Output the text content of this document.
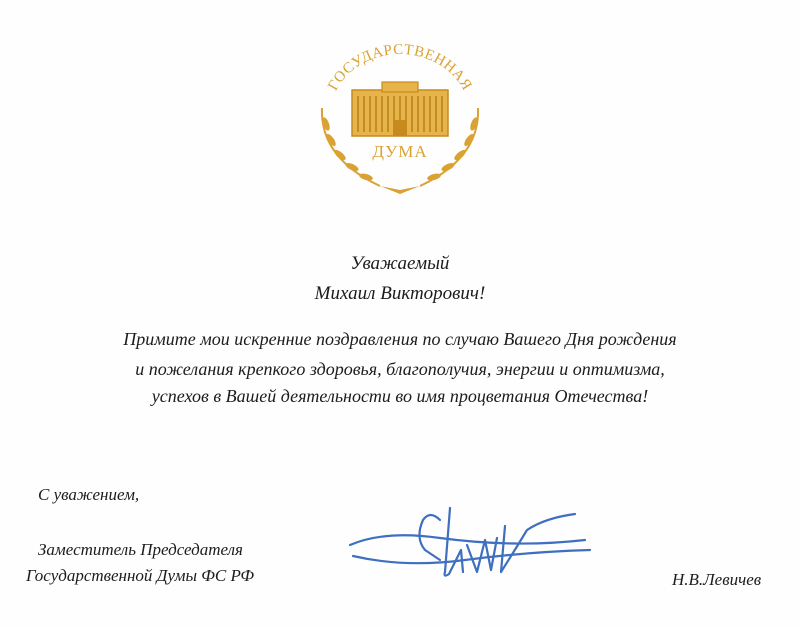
ГОСУДАРСТВЕННАЯ
ДУМА
Уважаемый
Михаил Викторович!
Примите мои искренние поздравления по случаю Вашего Дня рождения
и пожелания крепкого здоровья, благополучия, энергии и оптимизма,
успехов в Вашей деятельности во имя процветания Отечества!
С уважением,
Заместитель Председателя
Государственной Думы ФС РФ	Н.В.Левичев
